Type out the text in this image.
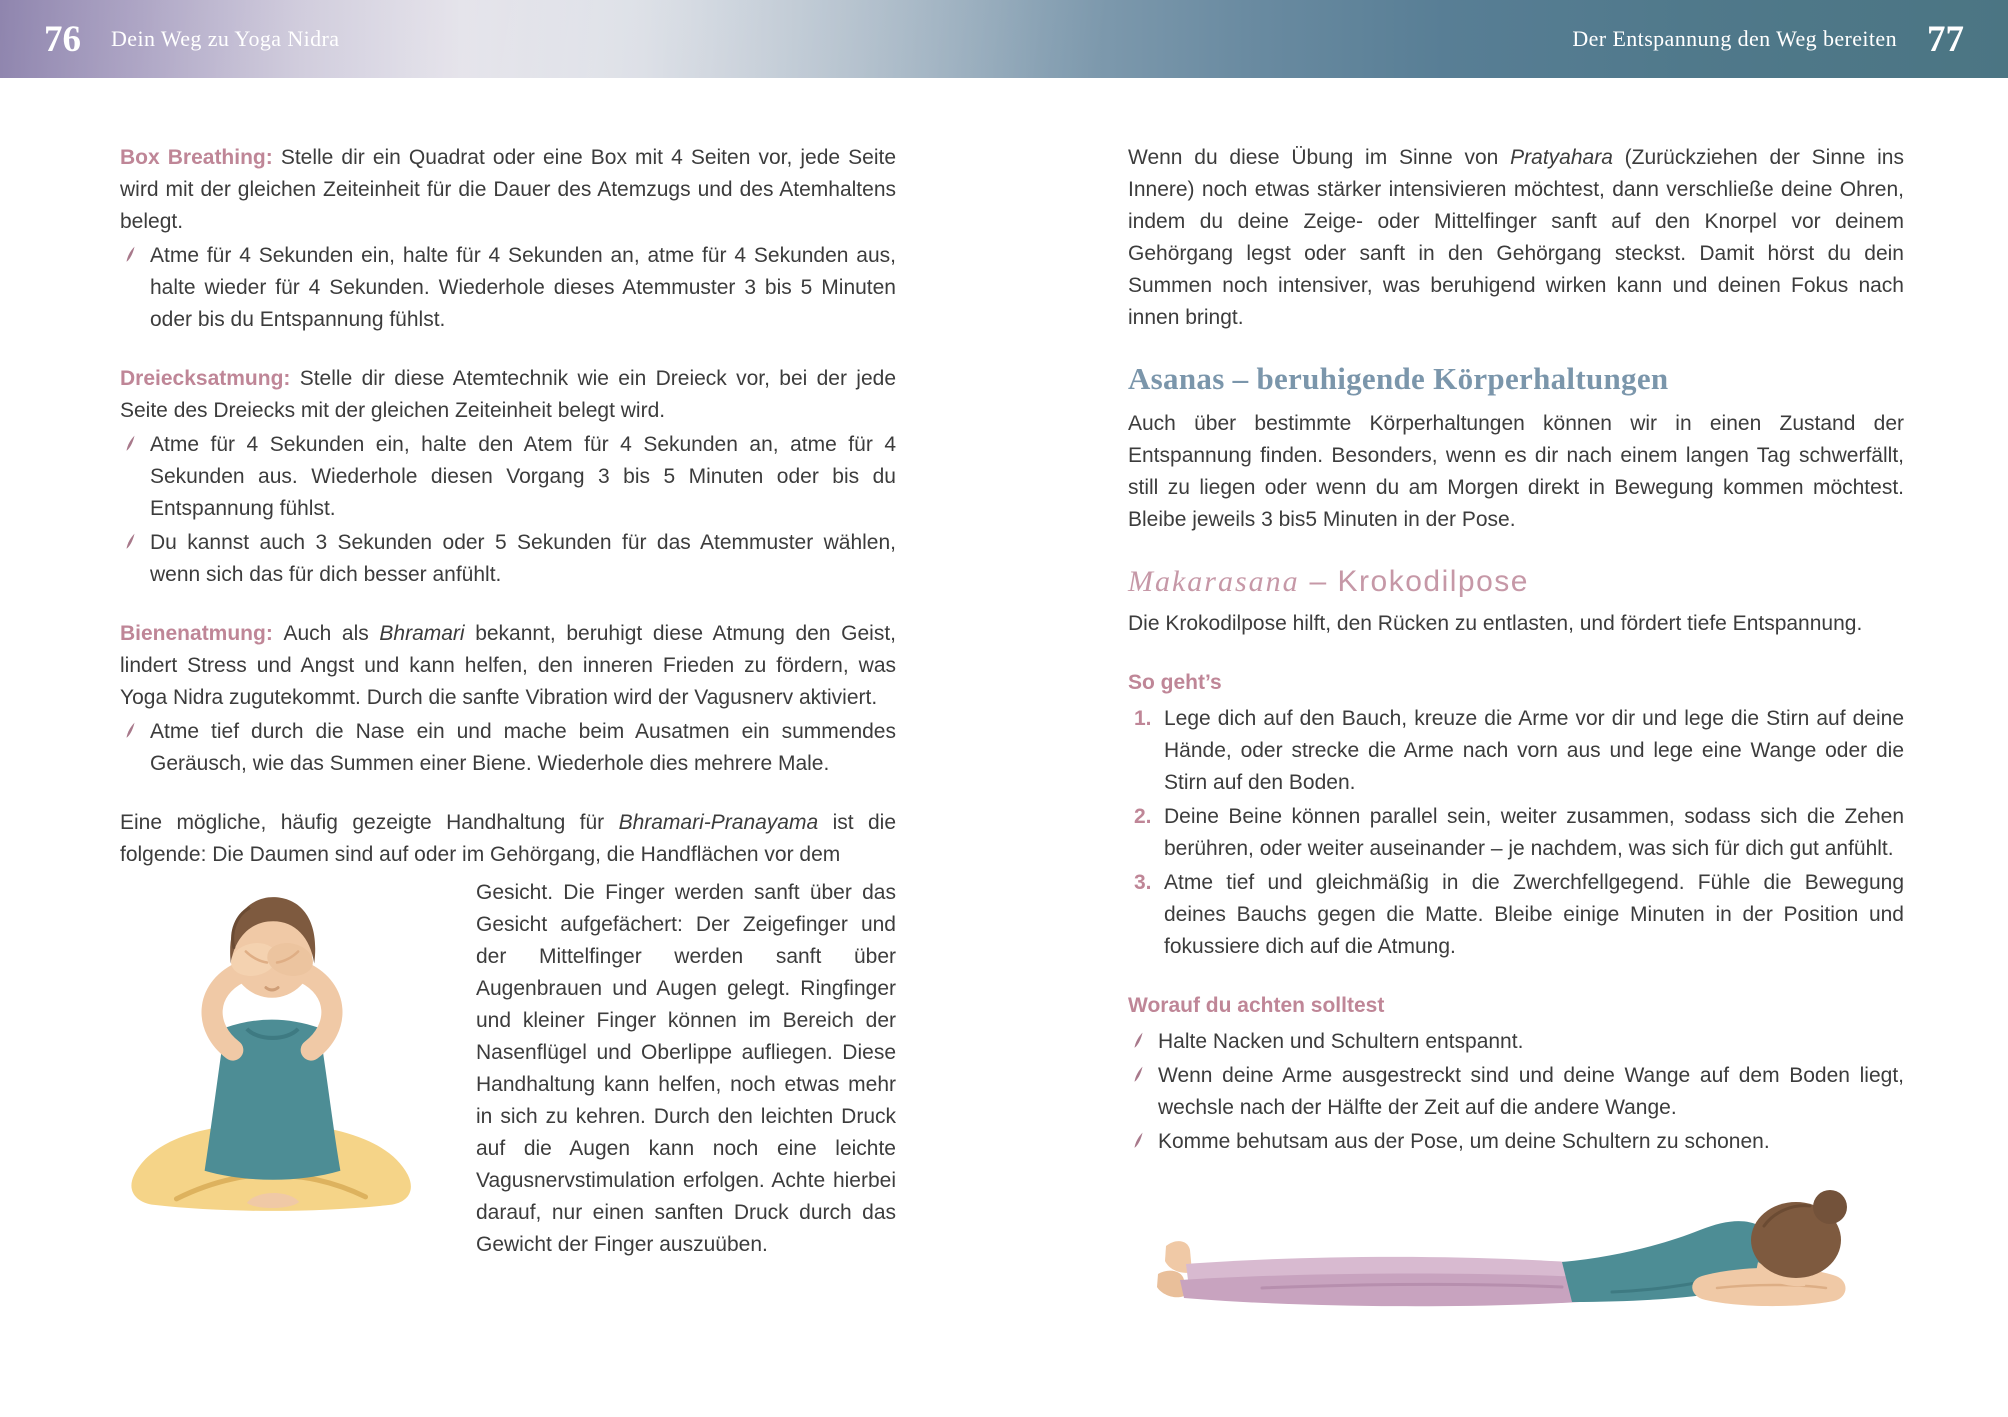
76 Dein Weg zu Yoga Nidra	Der Entspannung den Weg bereiten 77

Box Breathing: Stelle dir ein Quadrat oder eine Box mit 4 Seiten vor, jede Seite wird mit der gleichen Zeiteinheit für die Dauer des Atemzugs und des Atemhaltens belegt.

Atme für 4 Sekunden ein, halte für 4 Sekunden an, atme für 4 Sekunden aus, halte wieder für 4 Sekunden. Wiederhole dieses Atemmuster 3 bis 5 Minuten oder bis du Entspannung fühlst.

Dreiecksatmung: Stelle dir diese Atemtechnik wie ein Dreieck vor, bei der jede Seite des Dreiecks mit der gleichen Zeiteinheit belegt wird.

Atme für 4 Sekunden ein, halte den Atem für 4 Sekunden an, atme für 4 Sekunden aus. Wiederhole diesen Vorgang 3 bis 5 Minuten oder bis du Entspannung fühlst.
Du kannst auch 3 Sekunden oder 5 Sekunden für das Atemmuster wählen, wenn sich das für dich besser anfühlt.

Bienenatmung: Auch als Bhramari bekannt, beruhigt diese Atmung den Geist, lindert Stress und Angst und kann helfen, den inneren Frieden zu fördern, was Yoga Nidra zugutekommt. Durch die sanfte Vibration wird der Vagusnerv aktiviert.

Atme tief durch die Nase ein und mache beim Ausatmen ein summendes Geräusch, wie das Summen einer Biene. Wiederhole dies mehrere Male.

Eine mögliche, häufig gezeigte Handhaltung für Bhramari-Pranayama ist die folgende: Die Daumen sind auf oder im Gehörgang, die Handflächen vor dem

Gesicht. Die Finger werden sanft über das Gesicht aufgefächert: Der Zeigefinger und der Mittelfinger werden sanft über Augenbrauen und Augen gelegt. Ringfinger und kleiner Finger können im Bereich der Nasenflügel und Oberlippe aufliegen. Diese Handhaltung kann helfen, noch etwas mehr in sich zu kehren. Durch den leichten Druck auf die Augen kann noch eine leichte Vagusnervstimulation erfolgen. Achte hierbei darauf, nur einen sanften Druck durch das Gewicht der Finger auszuüben.

Wenn du diese Übung im Sinne von Pratyahara (Zurückziehen der Sinne ins Innere) noch etwas stärker intensivieren möchtest, dann verschließe deine Ohren, indem du deine Zeige- oder Mittelfinger sanft auf den Knorpel vor deinem Gehörgang legst oder sanft in den Gehörgang steckst. Damit hörst du dein Summen noch intensiver, was beruhigend wirken kann und deinen Fokus nach innen bringt.

Asanas – beruhigende Körperhaltungen

Auch über bestimmte Körperhaltungen können wir in einen Zustand der Entspannung finden. Besonders, wenn es dir nach einem langen Tag schwerfällt, still zu liegen oder wenn du am Morgen direkt in Bewegung kommen möchtest. Bleibe jeweils 3 bis5 Minuten in der Pose.

Makarasana – Krokodilpose

Die Krokodilpose hilft, den Rücken zu entlasten, und fördert tiefe Entspannung.

So geht’s

1. Lege dich auf den Bauch, kreuze die Arme vor dir und lege die Stirn auf deine Hände, oder strecke die Arme nach vorn aus und lege eine Wange oder die Stirn auf den Boden.
2. Deine Beine können parallel sein, weiter zusammen, sodass sich die Zehen berühren, oder weiter auseinander – je nachdem, was sich für dich gut anfühlt.
3. Atme tief und gleichmäßig in die Zwerchfellgegend. Fühle die Bewegung deines Bauchs gegen die Matte. Bleibe einige Minuten in der Position und fokussiere dich auf die Atmung.

Worauf du achten solltest

Halte Nacken und Schultern entspannt.
Wenn deine Arme ausgestreckt sind und deine Wange auf dem Boden liegt, wechsle nach der Hälfte der Zeit auf die andere Wange.
Komme behutsam aus der Pose, um deine Schultern zu schonen.
